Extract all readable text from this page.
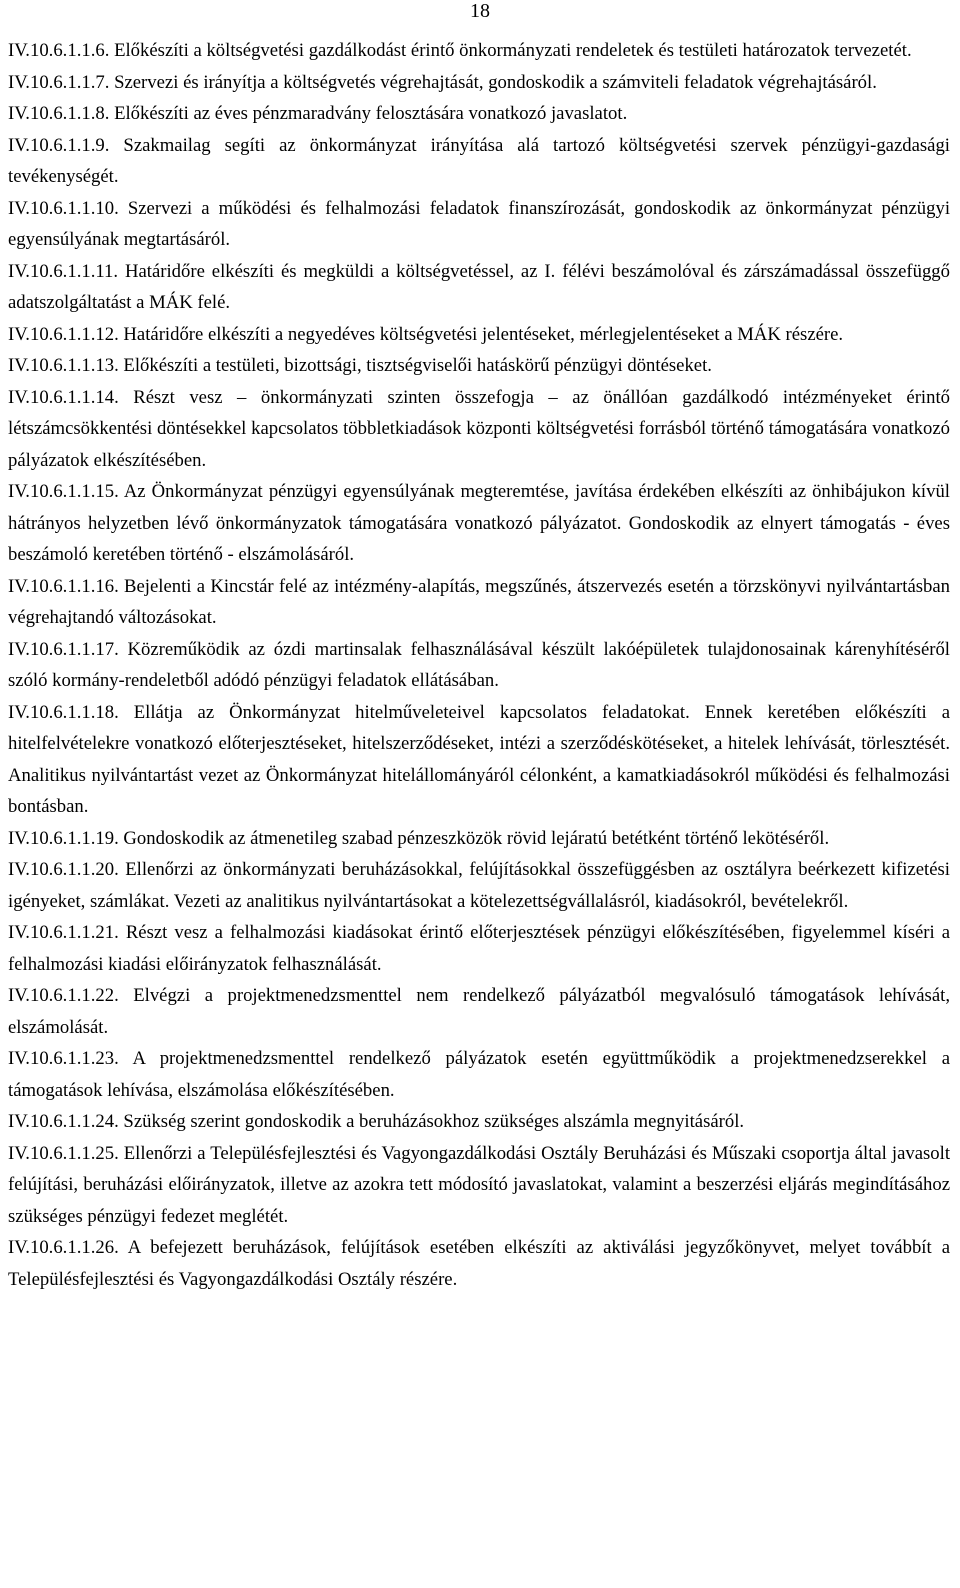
18

IV.10.6.1.1.6. Előkészíti a költségvetési gazdálkodást érintő önkormányzati rendeletek és testületi határozatok tervezetét.

IV.10.6.1.1.7. Szervezi és irányítja a költségvetés végrehajtását, gondoskodik a számviteli feladatok végrehajtásáról.

IV.10.6.1.1.8. Előkészíti az éves pénzmaradvány felosztására vonatkozó javaslatot.

IV.10.6.1.1.9. Szakmailag segíti az önkormányzat irányítása alá tartozó költségvetési szervek pénzügyi-gazdasági tevékenységét.

IV.10.6.1.1.10. Szervezi a működési és felhalmozási feladatok finanszírozását, gondoskodik az önkormányzat pénzügyi egyensúlyának megtartásáról.

IV.10.6.1.1.11. Határidőre elkészíti és megküldi a költségvetéssel, az I. félévi beszámolóval és zárszámadással összefüggő adatszolgáltatást a MÁK felé.

IV.10.6.1.1.12. Határidőre elkészíti a negyedéves költségvetési jelentéseket, mérlegjelentéseket a MÁK részére.

IV.10.6.1.1.13. Előkészíti a testületi, bizottsági, tisztségviselői hatáskörű pénzügyi döntéseket.

IV.10.6.1.1.14. Részt vesz – önkormányzati szinten összefogja – az önállóan gazdálkodó intézményeket érintő létszámcsökkentési döntésekkel kapcsolatos többletkiadások központi költségvetési forrásból történő támogatására vonatkozó pályázatok elkészítésében.

IV.10.6.1.1.15. Az Önkormányzat pénzügyi egyensúlyának megteremtése, javítása érdekében elkészíti az önhibájukon kívül hátrányos helyzetben lévő önkormányzatok támogatására vonatkozó pályázatot. Gondoskodik az elnyert támogatás - éves beszámoló keretében történő - elszámolásáról.

IV.10.6.1.1.16. Bejelenti a Kincstár felé az intézmény-alapítás, megszűnés, átszervezés esetén a törzskönyvi nyilvántartásban végrehajtandó változásokat.

IV.10.6.1.1.17. Közreműködik az ózdi martinsalak felhasználásával készült lakóépületek tulajdonosainak kárenyhítéséről szóló kormány-rendeletből adódó pénzügyi feladatok ellátásában.

IV.10.6.1.1.18. Ellátja az Önkormányzat hitelműveleteivel kapcsolatos feladatokat. Ennek keretében előkészíti a hitelfelvételekre vonatkozó előterjesztéseket, hitelszerződéseket, intézi a szerződéskötéseket, a hitelek lehívását, törlesztését. Analitikus nyilvántartást vezet az Önkormányzat hitelállományáról célonként, a kamatkiadásokról működési és felhalmozási bontásban.

IV.10.6.1.1.19. Gondoskodik az átmenetileg szabad pénzeszközök rövid lejáratú betétként történő lekötéséről.

IV.10.6.1.1.20. Ellenőrzi az önkormányzati beruházásokkal, felújításokkal összefüggésben az osztályra beérkezett kifizetési igényeket, számlákat. Vezeti az analitikus nyilvántartásokat a kötelezettségvállalásról, kiadásokról, bevételekről.

IV.10.6.1.1.21. Részt vesz a felhalmozási kiadásokat érintő előterjesztések pénzügyi előkészítésében, figyelemmel kíséri a felhalmozási kiadási előirányzatok felhasználását.

IV.10.6.1.1.22. Elvégzi a projektmenedzsmenttel nem rendelkező pályázatból megvalósuló támogatások lehívását, elszámolását.

IV.10.6.1.1.23. A projektmenedzsmenttel rendelkező pályázatok esetén együttműködik a projektmenedzserekkel a támogatások lehívása, elszámolása előkészítésében.

IV.10.6.1.1.24. Szükség szerint gondoskodik a beruházásokhoz szükséges alszámla megnyitásáról.

IV.10.6.1.1.25. Ellenőrzi a Településfejlesztési és Vagyongazdálkodási Osztály Beruházási és Műszaki csoportja által javasolt felújítási, beruházási előirányzatok, illetve az azokra tett módosító javaslatokat, valamint a beszerzési eljárás megindításához szükséges pénzügyi fedezet meglétét.

IV.10.6.1.1.26. A befejezett beruházások, felújítások esetében elkészíti az aktiválási jegyzőkönyvet, melyet továbbít a Településfejlesztési és Vagyongazdálkodási Osztály részére.
